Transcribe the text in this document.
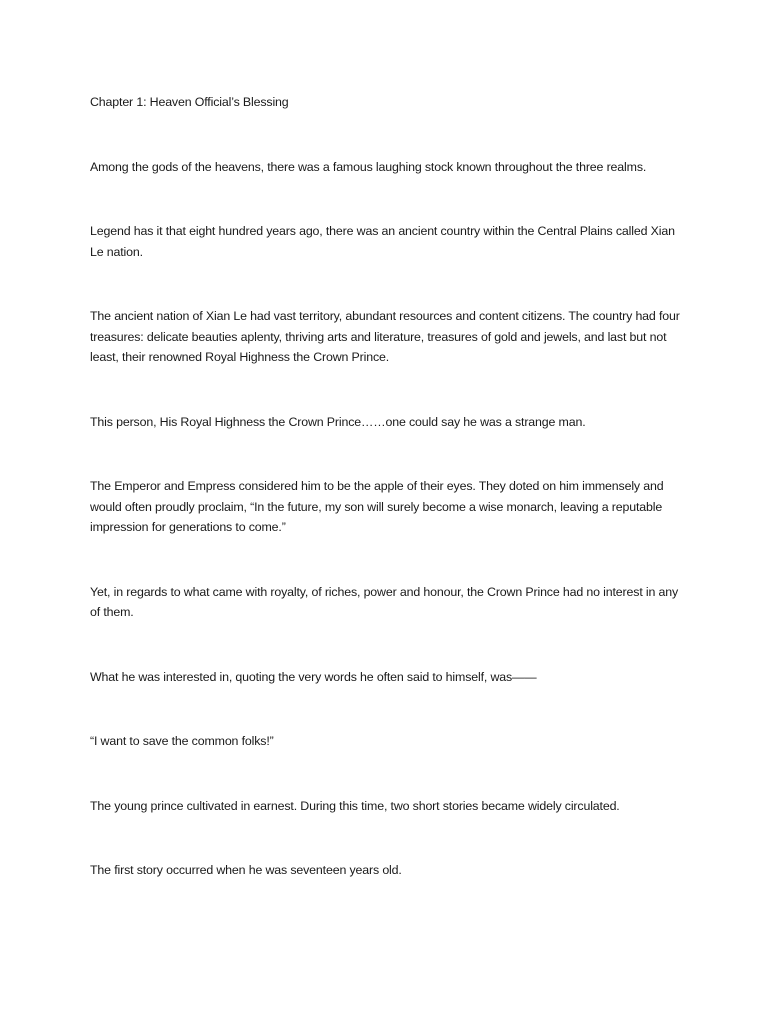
Chapter 1: Heaven Official’s Blessing

Among the gods of the heavens, there was a famous laughing stock known throughout the three realms.

Legend has it that eight hundred years ago, there was an ancient country within the Central Plains called Xian Le nation.

The ancient nation of Xian Le had vast territory, abundant resources and content citizens. The country had four treasures: delicate beauties aplenty, thriving arts and literature, treasures of gold and jewels, and last but not least, their renowned Royal Highness the Crown Prince.

This person, His Royal Highness the Crown Prince……one could say he was a strange man.

The Emperor and Empress considered him to be the apple of their eyes. They doted on him immensely and would often proudly proclaim, “In the future, my son will surely become a wise monarch, leaving a reputable impression for generations to come.”

Yet, in regards to what came with royalty, of riches, power and honour, the Crown Prince had no interest in any of them.

What he was interested in, quoting the very words he often said to himself, was——

“I want to save the common folks!”

The young prince cultivated in earnest. During this time, two short stories became widely circulated.

The first story occurred when he was seventeen years old.
